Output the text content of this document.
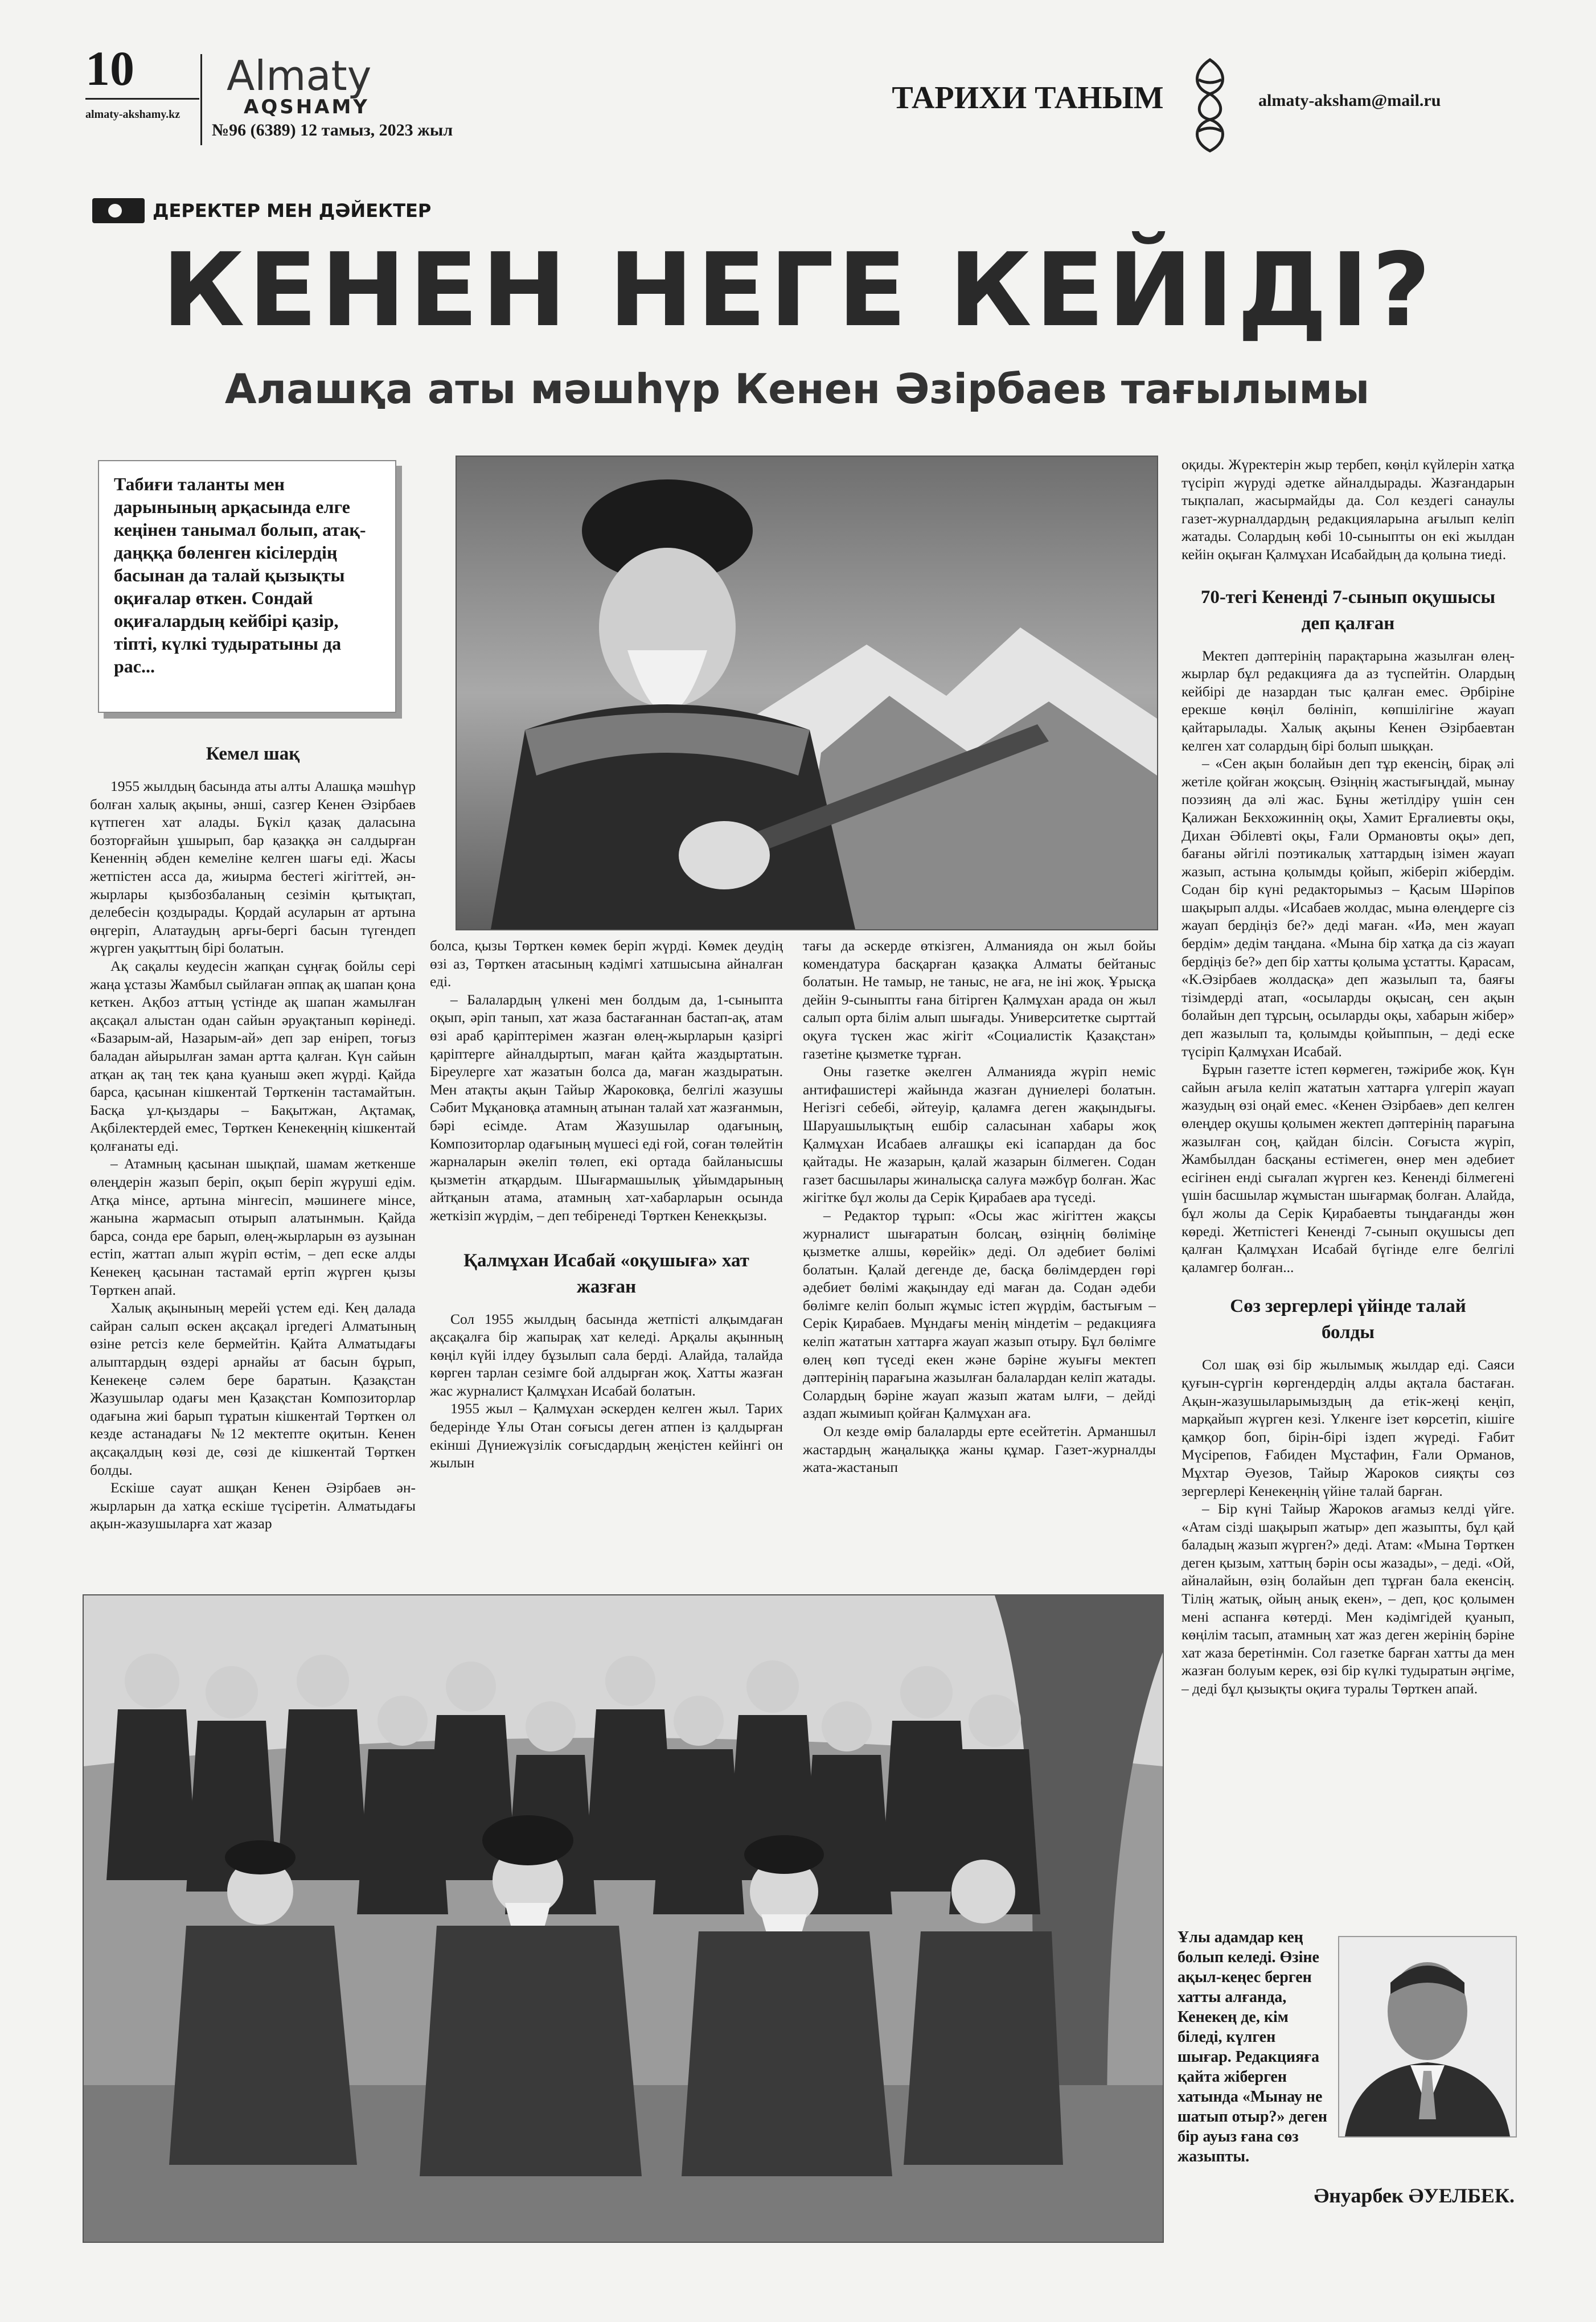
10
almaty-akshamy.kz
Almaty
AQSHAMY
№96 (6389) 12 тамыз, 2023 жыл
ТАРИХИ ТАНЫМ	almaty-aksham@mail.ru
ДЕРЕКТЕР МЕН ДӘЙЕКТЕР
КЕНЕН НЕГЕ КЕЙІДІ?
Алашқа аты мәшһүр Кенен Әзірбаев тағылымы
Табиғи таланты мен дарынының арқасында елге кеңінен танымал болып, атақ-даңққа бөленген кісілердің басынан да талай қызықты оқиғалар өткен. Сондай оқиғалардың кейбірі қазір, тіпті, күлкі тудыратыны да рас...
Кемел шақ

1955 жылдың басында аты алты Алашқа мәшһүр болған халық ақыны, әнші, сазгер Кенен Әзірбаев күтпеген хат алады. Бүкіл қазақ даласына бозторғайын ұшырып, бар қазаққа ән салдырған Кененнің әбден кемеліне келген шағы еді. Жасы жетпістен асса да, жиырма бестегі жігіттей, ән-жырлары қызбозбаланың сезімін қытықтап, делебесін қоздырады. Қордай асуларын ат артына өңгеріп, Алатаудың арғы-бергі басын түгендеп жүрген уақыттың бірі болатын.

Ақ сақалы кеудесін жапқан сұңғақ бойлы сері жаңа ұстазы Жамбыл сыйлаған әппақ ақ шапан қона кеткен. Ақбоз аттың үстінде ақ шапан жамылған ақсақал алыстан одан сайын әруақтанып көрінеді. «Базарым-ай, Назарым-ай» деп зар еніреп, тоғыз баладан айырылған заман артта қалған. Күн сайын атқан ақ таң тек қана қуаныш әкеп жүрді. Қайда барса, қасынан кішкентай Төрткенін тастамайтын. Басқа ұл-қыздары – Бақытжан, Ақтамақ, Ақбілектердей емес, Төрткен Кенекеңнің кішкентай қолғанаты еді.

– Атамның қасынан шықпай, шамам жеткенше өлеңдерін жазып беріп, оқып беріп жүруші едім. Атқа мінсе, артына мінгесіп, мәшинеге мінсе, жанына жармасып отырып алатынмын. Қайда барса, сонда ере барып, өлең-жырларын өз аузынан естіп, жаттап алып жүріп өстім, – деп еске алды Кенекең қасынан тастамай ертіп жүрген қызы Төрткен апай.

Халық ақынының мерейі үстем еді. Кең далада сайран салып өскен ақсақал іргедегі Алматының өзіне ретсіз келе бермейтін. Қайта Алматыдағы алыптардың өздері арнайы ат басын бұрып, Кенекеңе сәлем бере баратын. Қазақстан Жазушылар одағы мен Қазақстан Композиторлар одағына жиі барып тұратын кішкентай Төрткен ол кезде астанадағы №12 мектепте оқитын. Кенен ақсақалдың көзі де, сөзі де кішкентай Төрткен болды.

Ескіше сауат ашқан Кенен Әзірбаев ән-жырларын да хатқа ескіше түсіретін. Алматыдағы ақын-жазушыларға хат жазар

болса, қызы Төрткен көмек беріп жүрді. Көмек деудің өзі аз, Төрткен атасының кәдімгі хатшысына айналған еді.

– Балалардың үлкені мен болдым да, 1-сыныпта оқып, әріп танып, хат жаза бастағаннан бастап-ақ, атам өзі араб қаріптерімен жазған өлең-жырларын қазіргі қаріптерге айналдыртып, маған қайта жаздыртатын. Біреулерге хат жазатын болса да, маған жаздыратын. Мен атақты ақын Тайыр Жароковқа, белгілі жазушы Сәбит Мұқановқа атамның атынан талай хат жазғанмын, бәрі есімде. Атам Жазушылар одағының, Композиторлар одағының мүшесі еді ғой, соған төлейтін жарналарын әкеліп төлеп, екі ортада байланысшы қызметін атқардым. Шығармашылық ұйымдарының айтқанын атама, атамның хат-хабарларын осында жеткізіп жүрдім, – деп тебіренеді Төрткен Кенекқызы.

Қалмұхан Исабай «оқушыға» хат жазған

Сол 1955 жылдың басында жетпісті алқымдаған ақсақалға бір жапырақ хат келеді. Арқалы ақынның көңіл күйі ілдеу бұзылып сала берді. Алайда, талайда көрген тарлан сезімге бой алдырған жоқ. Хатты жазған жас журналист Қалмұхан Исабай болатын.

1955 жыл – Қалмұхан әскерден келген жыл. Тарих бедерінде Ұлы Отан соғысы деген атпен із қалдырған екінші Дүниежүзілік соғысдардың жеңістен кейінгі он жылын

тағы да әскерде өткізген, Алманияда он жыл бойы комендатура басқарған қазақка Алматы бейтаныс болатын. Не тамыр, не таныс, не аға, не іні жоқ. Ұрысқа дейін 9-сыныпты ғана бітірген Қалмұхан арада он жыл салып орта білім алып шығады. Университетке сырттай оқуға түскен жас жігіт «Социалистік Қазақстан» газетіне қызметке тұрған.

Оны газетке әкелген Алманияда жүріп неміс антифашистері жайында жазған дүниелері болатын. Негізгі себебі, әйтеуір, қаламға деген жақындығы. Шаруашылықтың ешбір саласынан хабары жоқ Қалмұхан Исабаев алғашқы екі ісапардан да бос қайтады. Не жазарын, қалай жазарын білмеген. Содан газет басшылары жиналысқа салуға мәжбүр болған. Жас жігітке бұл жолы да Серік Қирабаев ара түседі.

– Редактор тұрып: «Осы жас жігіттен жақсы журналист шығаратын болсаң, өзіңнің бөліміңе қызметке алшы, көрейік» деді. Ол әдебиет бөлімі болатын. Қалай дегенде де, басқа бөлімдерден гөрі әдебиет бөлімі жақындау еді маған да. Содан әдеби бөлімге келіп болып жұмыс істеп жүрдім, бастығым – Серік Қирабаев. Мұндағы менің міндетім – редакцияға келіп жататын хаттарға жауап жазып отыру. Бұл бөлімге өлең көп түседі екен және бәріне жуығы мектеп дәптерінің парағына жазылған балалардан келіп жатады. Солардың бәріне жауап жазып жатам ылғи, – дейді аздап жымиып қойған Қалмұхан аға.

Ол кезде өмір балаларды ерте есейтетін. Арманшыл жастардың жаңалыққа жаны құмар. Газет-журналды жата-жастанып

оқиды. Жүректерін жыр тербеп, көңіл күйлерін хатқа түсіріп жүруді әдетке айналдырады. Жазғандарын тықпалап, жасырмайды да. Сол кездегі санаулы газет-журналдардың редакцияларына ағылып келіп жатады. Солардың көбі 10-сыныпты он екі жылдан кейін оқыған Қалмұхан Исабайдың да қолына тиеді.

70-тегі Кененді 7-сынып оқушысы деп қалған

Мектеп дәптерінің парақтарына жазылған өлең-жырлар бұл редакцияға да аз түспейтін. Олардың кейбірі де назардан тыс қалған емес. Әрбіріне ерекше көңіл бөлініп, көпшілігіне жауап қайтарылады. Халық ақыны Кенен Әзірбаевтан келген хат солардың бірі болып шыққан.

– «Сен ақын болайын деп тұр екенсің, бірақ әлі жетіле қойған жоқсың. Өзіңнің жастығыңдай, мынау поэзияң да әлі жас. Бұны жетілдіру үшін сен Қалижан Бекхожиннің оқы, Хамит Ерғалиевты оқы, Дихан Әбілевті оқы, Ғали Ормановты оқы» деп, бағаны әйгілі поэтикалық хаттардың ізімен жауап жазып, астына қолымды қойып, жіберіп жібердім. Содан бір күні редакторымыз – Қасым Шәріпов шақырып алды. «Исабаев жолдас, мына өлеңдерге сіз жауап бердіңіз бе?» деді маған. «Иә, мен жауап бердім» дедім таңдана. «Мына бір хатқа да сіз жауап бердіңіз бе?» деп бір хатты қолыма ұстатты. Қарасам, «К.Әзірбаев жолдасқа» деп жазылып та, баяғы тізімдерді атап, «осыларды оқысаң, сен ақын болайын деп тұрсың, осыларды оқы, хабарын жібер» деп жазылып та, қолымды қойыппын, – деді еске түсіріп Қалмұхан Исабай.

Бұрын газетте істеп көрмеген, тәжірибе жоқ. Күн сайын ағыла келіп жататын хаттарға үлгеріп жауап жазудың өзі оңай емес. «Кенен Әзірбаев» деп келген өлеңдер оқушы қолымен жектеп дәптерінің парағына жазылған соң, қайдан білсін. Соғыста жүріп, Жамбылдан басқаны естімеген, өнер мен әдебиет есігінен енді сығалап жүрген кез. Кененді білмегені үшін басшылар жұмыстан шығармақ болған. Алайда, бұл жолы да Серік Қирабаевты тыңдағанды жөн көреді. Жетпістегі Кененді 7-сынып оқушысы деп қалған Қалмұхан Исабай бүгінде елге белгілі қаламгер болған...

Сөз зергерлері үйінде талай болды

Сол шақ өзі бір жылымық жылдар еді. Саяси қуғын-сүргін көргендердің алды ақтала бастаған. Ақын-жазушыларымыздың да етік-жеңі кеңіп, марқайып жүрген кезі. Үлкенге ізет көрсетіп, кішіге қамқор боп, бірін-бірі іздеп жүреді. Ғабит Мүсірепов, Ғабиден Мұстафин, Ғали Орманов, Мұхтар Әуезов, Тайыр Жароков сияқты сөз зергерлері Кенекеңнің үйіне талай барған.

– Бір күні Тайыр Жароков ағамыз келді үйге. «Атам сізді шақырып жатыр» деп жазыпты, бұл қай баладың жазып жүрген?» деді. Атам: «Мына Төрткен деген қызым, хаттың бәрін осы жазады», – деді. «Ой, айналайын, өзің болайын деп тұрған бала екенсің. Тілің жатық, ойың анық екен», – деп, қос қолымен мені аспанға көтерді. Мен кәдімгідей қуанып, көңілім тасып, атамның хат жаз деген жерінің бәріне хат жаза беретінмін. Сол газетке барған хатты да мен жазған болуым керек, өзі бір күлкі тудыратын әңгіме, – деді бұл қызықты оқиға туралы Төрткен апай.

Ұлы адамдар кең болып келеді. Өзіне ақыл-кеңес берген хатты алғанда, Кенекең де, кім біледі, күлген шығар. Редакцияға қайта жіберген хатында «Мынау не шатып отыр?» деген бір ауыз ғана сөз жазыпты.
Әнуарбек ӘУЕЛБЕК.
